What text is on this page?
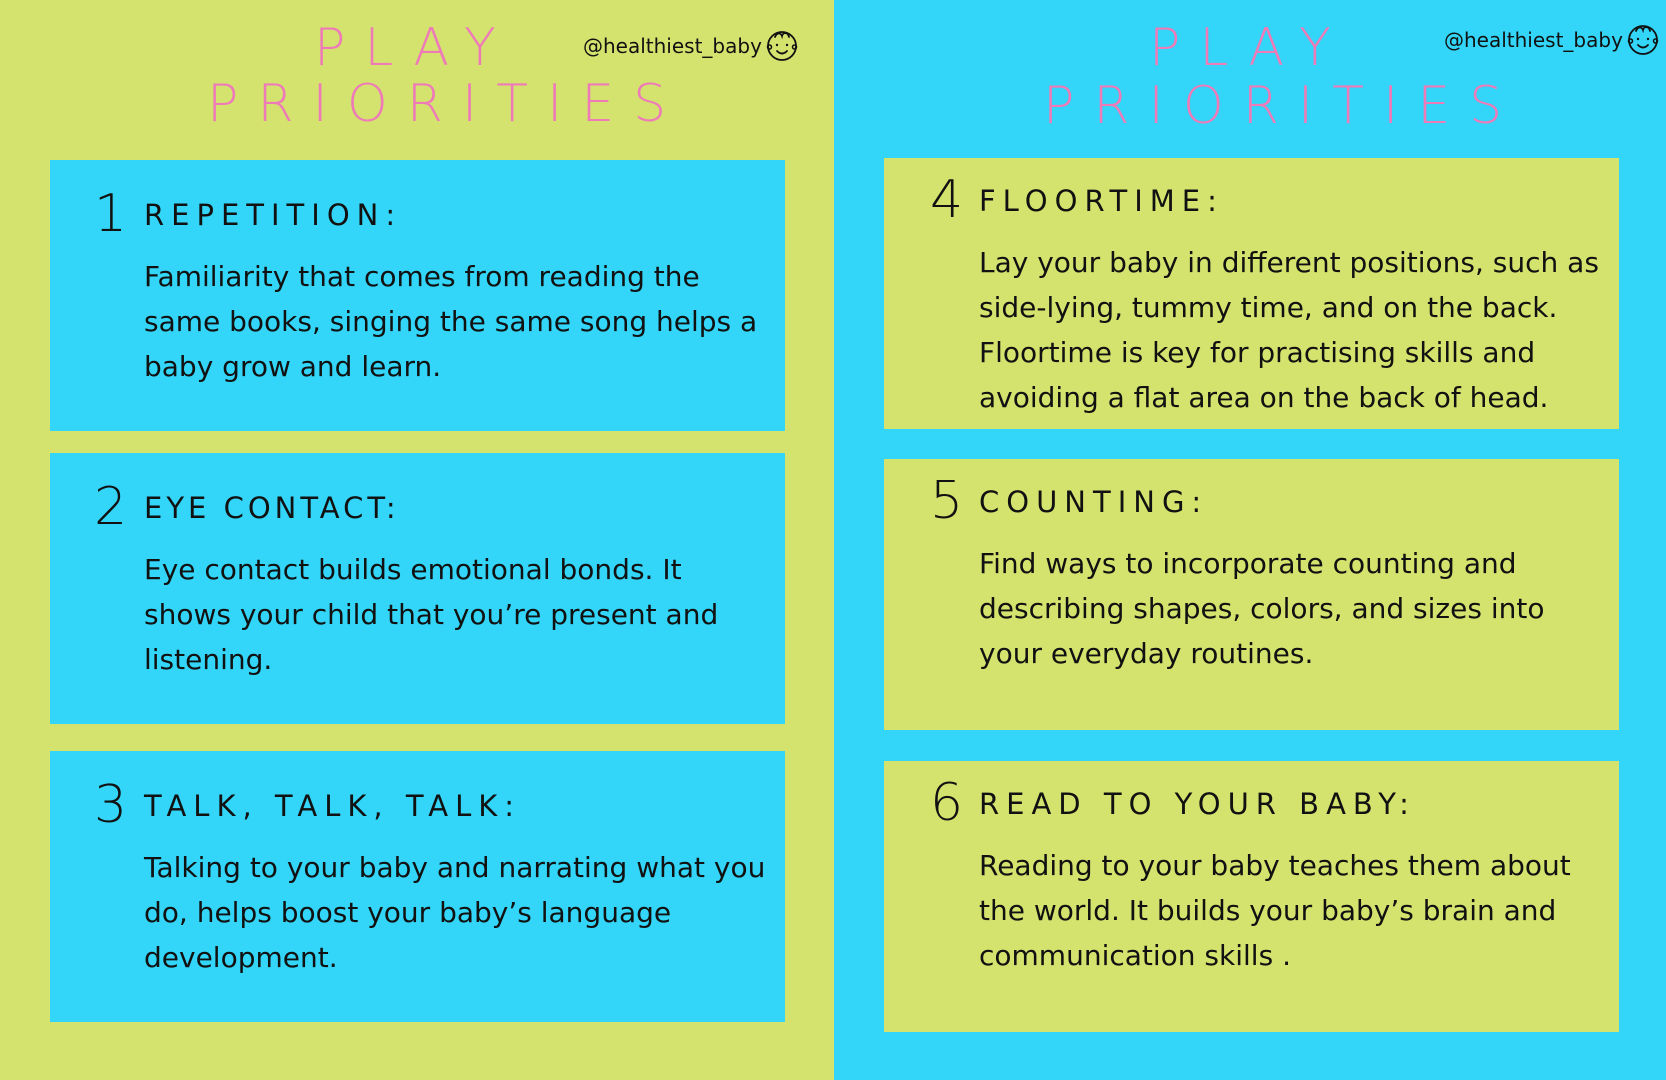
PLAY
PRIORITIES
PLAY
PRIORITIES
@healthiest_baby	@healthiest_baby
1 REPETITION:
Familiarity that comes from reading the same books, singing the same song helps a baby grow and learn.
2 EYE CONTACT:
Eye contact builds emotional bonds. It shows your child that you’re present and listening.
3 TALK, TALK, TALK:
Talking to your baby and narrating what you do, helps boost your baby’s language development.
4 FLOORTIME:
Lay your baby in different positions, such as side-lying, tummy time, and on the back. Floortime is key for practising skills and avoiding a flat area on the back of head.
5 COUNTING:
Find ways to incorporate counting and describing shapes, colors, and sizes into your everyday routines.
6 READ TO YOUR BABY:
Reading to your baby teaches them about the world. It builds your baby’s brain and communication skills .
